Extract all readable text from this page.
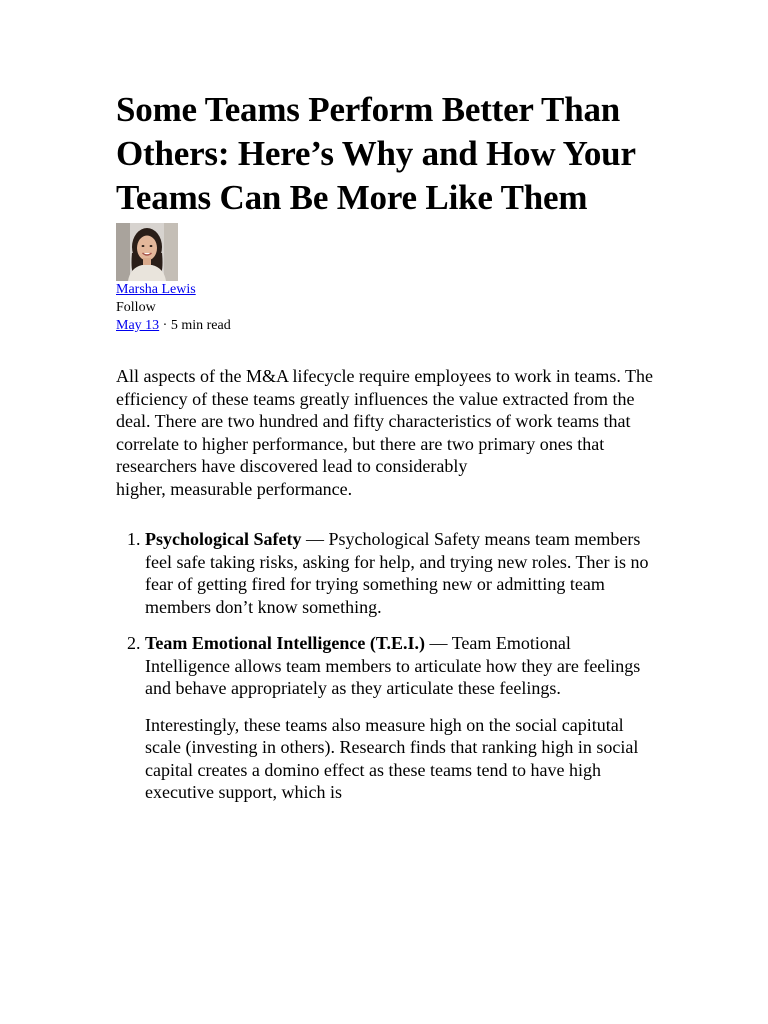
Some Teams Perform Better Than Others: Here’s Why and How Your Teams Can Be More Like Them
Marsha Lewis
Follow
May 13 · 5 min read

All aspects of the M&A lifecycle require employees to work in teams. The efficiency of these teams greatly influences the value extracted from the deal. There are two hundred and fifty characteristics of work teams that correlate to higher performance, but there are two primary ones that researchers have discovered lead to considerably
higher, measurable performance.

1. Psychological Safety — Psychological Safety means team members feel safe taking risks, asking for help, and trying new roles. Ther is no fear of getting fired for trying something new or admitting team members don’t know something.

2. Team Emotional Intelligence (T.E.I.) — Team Emotional Intelligence allows team members to articulate how they are feelings and behave appropriately as they articulate these feelings.

Interestingly, these teams also measure high on the social capitutal scale (investing in others). Research finds that ranking high in social capital creates a domino effect as these teams tend to have high executive support, which is
